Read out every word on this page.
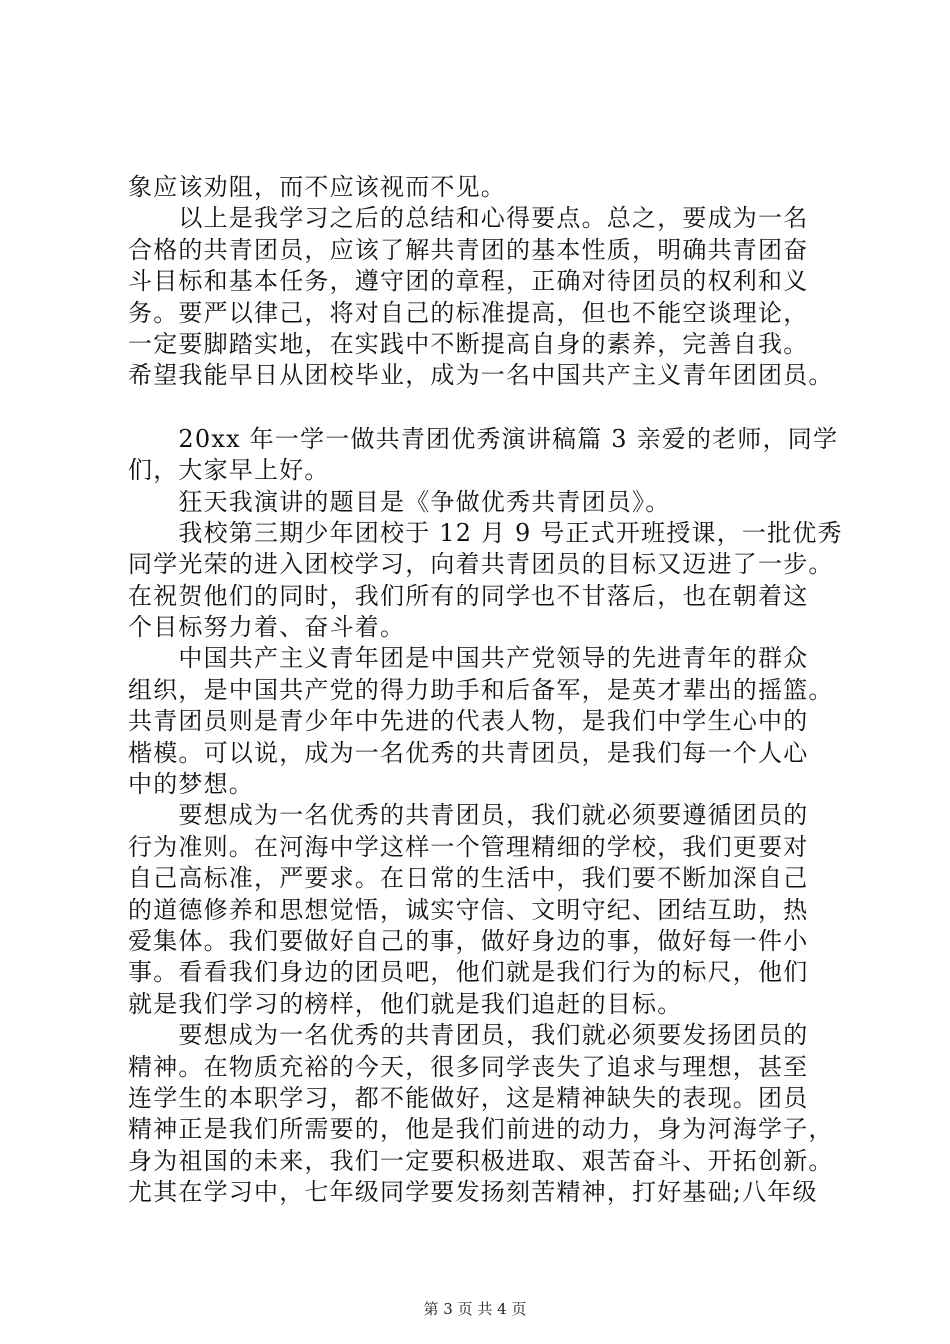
象应该劝阻，而不应该视而不见。
　　以上是我学习之后的总结和心得要点。总之，要成为一名
合格的共青团员，应该了解共青团的基本性质，明确共青团奋
斗目标和基本任务，遵守团的章程，正确对待团员的权利和义
务。要严以律己，将对自己的标准提高，但也不能空谈理论，
一定要脚踏实地，在实践中不断提高自身的素养，完善自我。
希望我能早日从团校毕业，成为一名中国共产主义青年团团员。
　　20xx 年一学一做共青团优秀演讲稿篇 3 亲爱的老师，同学
们，大家早上好。
　　狂天我演讲的题目是《争做优秀共青团员》。
　　我校第三期少年团校于 12 月 9 号正式开班授课，一批优秀
同学光荣的进入团校学习，向着共青团员的目标又迈进了一步。
在祝贺他们的同时，我们所有的同学也不甘落后，也在朝着这
个目标努力着、奋斗着。
　　中国共产主义青年团是中国共产党领导的先进青年的群众
组织，是中国共产党的得力助手和后备军，是英才辈出的摇篮。
共青团员则是青少年中先进的代表人物，是我们中学生心中的
楷模。可以说，成为一名优秀的共青团员，是我们每一个人心
中的梦想。
　　要想成为一名优秀的共青团员，我们就必须要遵循团员的
行为准则。在河海中学这样一个管理精细的学校，我们更要对
自己高标准，严要求。在日常的生活中，我们要不断加深自己
的道德修养和思想觉悟，诚实守信、文明守纪、团结互助，热
爱集体。我们要做好自己的事，做好身边的事，做好每一件小
事。看看我们身边的团员吧，他们就是我们行为的标尺，他们
就是我们学习的榜样，他们就是我们追赶的目标。
　　要想成为一名优秀的共青团员，我们就必须要发扬团员的
精神。在物质充裕的今天，很多同学丧失了追求与理想，甚至
连学生的本职学习，都不能做好，这是精神缺失的表现。团员
精神正是我们所需要的，他是我们前进的动力，身为河海学子，
身为祖国的未来，我们一定要积极进取、艰苦奋斗、开拓创新。
尤其在学习中，七年级同学要发扬刻苦精神，打好基础;八年级
第 3 页 共 4 页
